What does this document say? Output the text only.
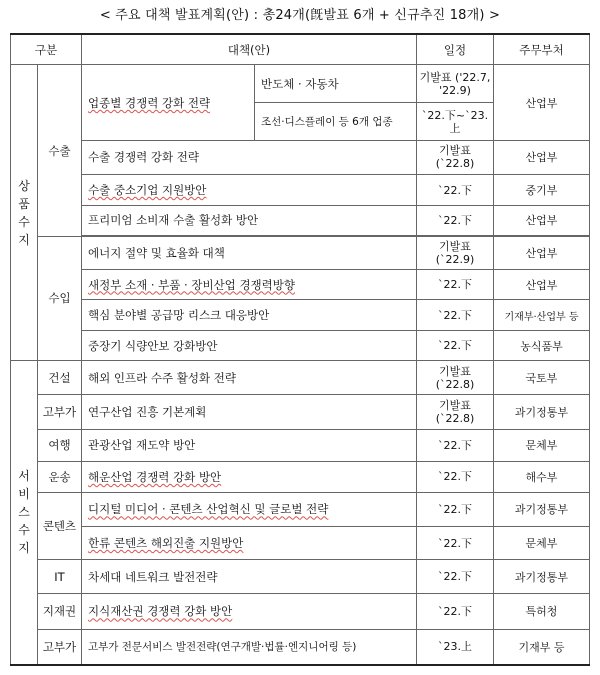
< 주요 대책 발표계획(안) : 총24개(旣발표 6개 + 신규추진 18개) >
구분		대책(안)		일정	주무부처
상품수지	수출	업종별 경쟁력 강화 전략	반도체 · 자동차	기발표 ('22.7, '22.9)	산업부
			조선·디스플레이 등 6개 업종	`22.下~`23.上	
		수출 경쟁력 강화 전략		기발표 (`22.8)	산업부
		수출 중소기업 지원방안		`22.下	중기부
		프리미엄 소비재 수출 활성화 방안		`22.下	산업부

	수입	에너지 절약 및 효율화 대책		기발표 (`22.9)	산업부
		새정부 소재 · 부품 · 장비산업 경쟁력방향		`22.下	산업부
		핵심 분야별 공급망 리스크 대응방안		`22.下	기재부·산업부 등
		중장기 식량안보 강화방안		`22.下	농식품부
서비스수지	건설	해외 인프라 수주 활성화 전략		기발표 (`22.8)	국토부
	고부가	연구산업 진흥 기본계획		기발표 (`22.8)	과기정통부
	여행	관광산업 재도약 방안		`22.下	문체부
	운송	해운산업 경쟁력 강화 방안		`22.下	해수부
	콘텐츠	디지털 미디어 · 콘텐츠 산업혁신 및 글로벌 전략		`22.下	과기정통부
		한류 콘텐츠 해외진출 지원방안		`22.下	문체부
	IT	차세대 네트워크 발전전략		`22.下	과기정통부
	지재권	지식재산권 경쟁력 강화 방안		`22.下	특허청
	고부가	고부가 전문서비스 발전전략(연구개발·법률·엔지니어링 등)		`23.上	기재부 등
